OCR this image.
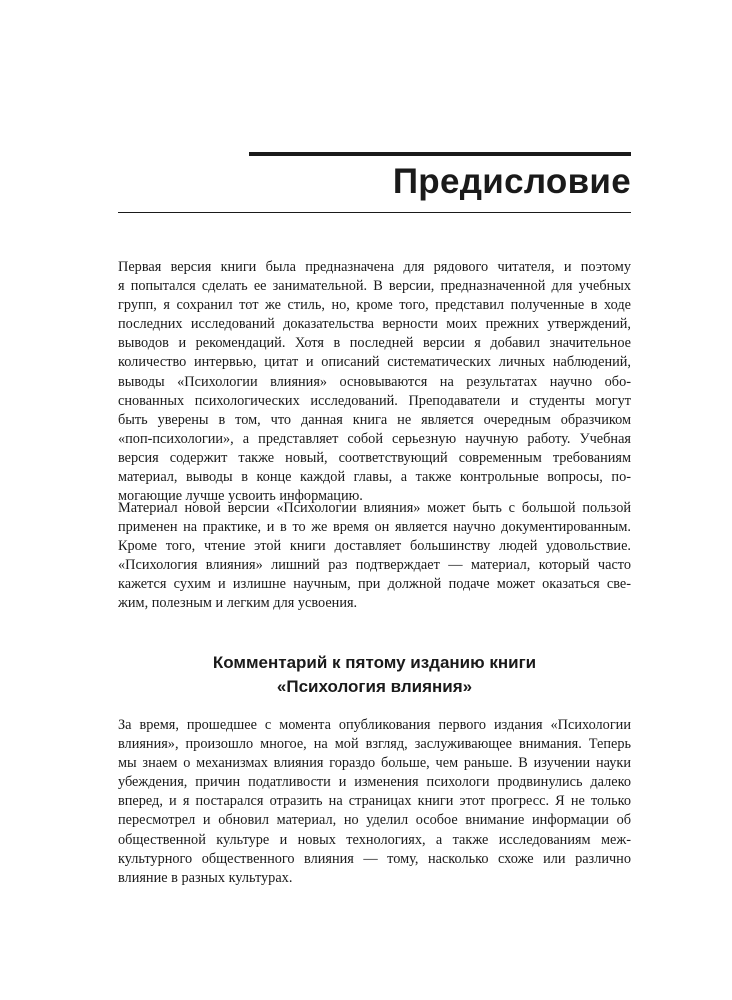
Предисловие
Первая версия книги была предназначена для рядового читателя, и поэтому
я попытался сделать ее занимательной. В версии, предназначенной для учебных
групп, я сохранил тот же стиль, но, кроме того, представил полученные в ходе
последних исследований доказательства верности моих прежних утверждений,
выводов и рекомендаций. Хотя в последней версии я добавил значительное
количество интервью, цитат и описаний систематических личных наблюдений,
выводы «Психологии влияния» основываются на результатах научно обо-
снованных психологических исследований. Преподаватели и студенты могут
быть уверены в том, что данная книга не является очередным образчиком
«поп-психологии», а представляет собой серьезную научную работу. Учебная
версия содержит также новый, соответствующий современным требованиям
материал, выводы в конце каждой главы, а также контрольные вопросы, по-
могающие лучше усвоить информацию.
Материал новой версии «Психологии влияния» может быть с большой пользой
применен на практике, и в то же время он является научно документированным.
Кроме того, чтение этой книги доставляет большинству людей удовольствие.
«Психология влияния» лишний раз подтверждает — материал, который часто
кажется сухим и излишне научным, при должной подаче может оказаться све-
жим, полезным и легким для усвоения.
Комментарий к пятому изданию книги
«Психология влияния»
За время, прошедшее с момента опубликования первого издания «Психологии
влияния», произошло многое, на мой взгляд, заслуживающее внимания. Теперь
мы знаем о механизмах влияния гораздо больше, чем раньше. В изучении науки
убеждения, причин податливости и изменения психологи продвинулись далеко
вперед, и я постарался отразить на страницах книги этот прогресс. Я не только
пересмотрел и обновил материал, но уделил особое внимание информации об
общественной культуре и новых технологиях, а также исследованиям меж-
культурного общественного влияния — тому, насколько схоже или различно
влияние в разных культурах.
